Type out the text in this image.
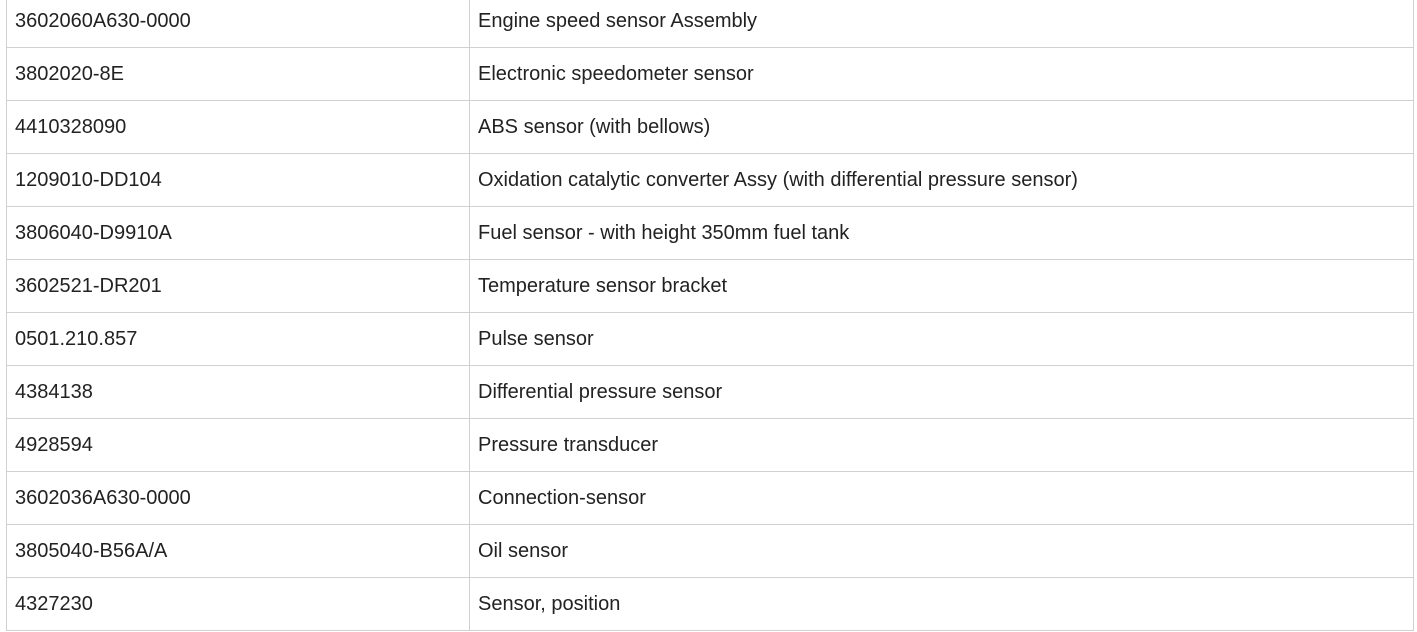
3602060A630-0000	Engine speed sensor Assembly
3802020-8E	Electronic speedometer sensor
4410328090	ABS sensor (with bellows)
1209010-DD104	Oxidation catalytic converter Assy (with differential pressure sensor)
3806040-D9910A	Fuel sensor - with height 350mm fuel tank
3602521-DR201	Temperature sensor bracket
0501.210.857	Pulse sensor
4384138	Differential pressure sensor
4928594	Pressure transducer
3602036A630-0000	Connection-sensor
3805040-B56A/A	Oil sensor
4327230	Sensor, position
